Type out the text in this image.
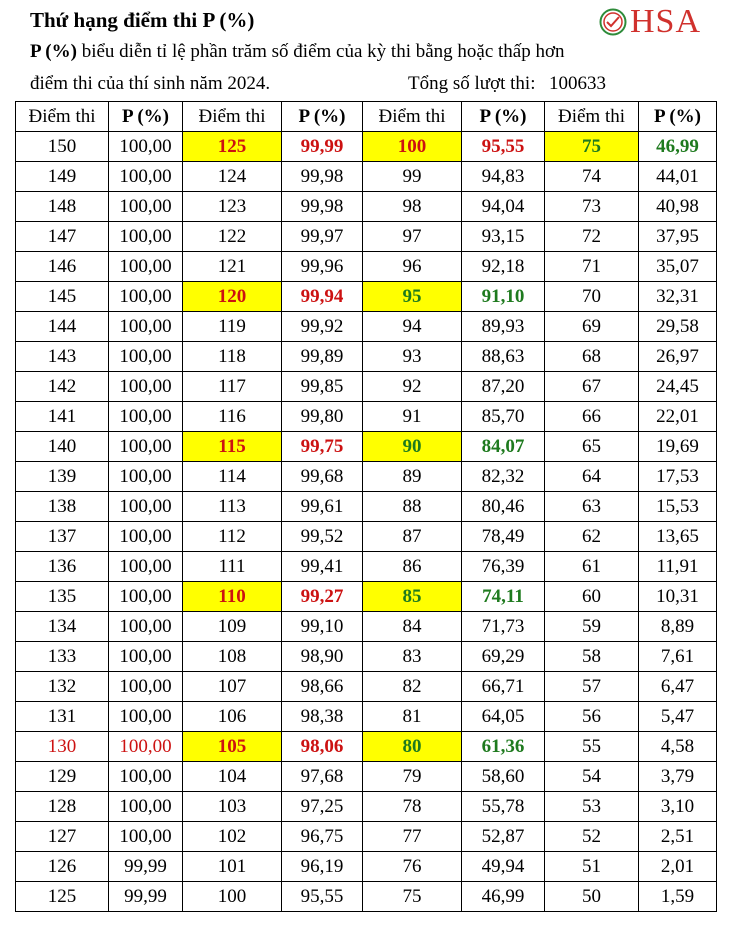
Thứ hạng điểm thi P (%)	HSA
P (%) biểu diễn tỉ lệ phần trăm số điểm của kỳ thi bằng hoặc thấp hơn
điểm thi của thí sinh năm 2024.	Tổng số lượt thi: 100633
Điểm thi	P (%)	Điểm thi	P (%)	Điểm thi	P (%)	Điểm thi	P (%)
150	100,00	125	99,99	100	95,55	75	46,99
149	100,00	124	99,98	99	94,83	74	44,01
148	100,00	123	99,98	98	94,04	73	40,98
147	100,00	122	99,97	97	93,15	72	37,95
146	100,00	121	99,96	96	92,18	71	35,07
145	100,00	120	99,94	95	91,10	70	32,31
144	100,00	119	99,92	94	89,93	69	29,58
143	100,00	118	99,89	93	88,63	68	26,97
142	100,00	117	99,85	92	87,20	67	24,45
141	100,00	116	99,80	91	85,70	66	22,01
140	100,00	115	99,75	90	84,07	65	19,69
139	100,00	114	99,68	89	82,32	64	17,53
138	100,00	113	99,61	88	80,46	63	15,53
137	100,00	112	99,52	87	78,49	62	13,65
136	100,00	111	99,41	86	76,39	61	11,91
135	100,00	110	99,27	85	74,11	60	10,31
134	100,00	109	99,10	84	71,73	59	8,89
133	100,00	108	98,90	83	69,29	58	7,61
132	100,00	107	98,66	82	66,71	57	6,47
131	100,00	106	98,38	81	64,05	56	5,47
130	100,00	105	98,06	80	61,36	55	4,58
129	100,00	104	97,68	79	58,60	54	3,79
128	100,00	103	97,25	78	55,78	53	3,10
127	100,00	102	96,75	77	52,87	52	2,51
126	99,99	101	96,19	76	49,94	51	2,01
125	99,99	100	95,55	75	46,99	50	1,59
